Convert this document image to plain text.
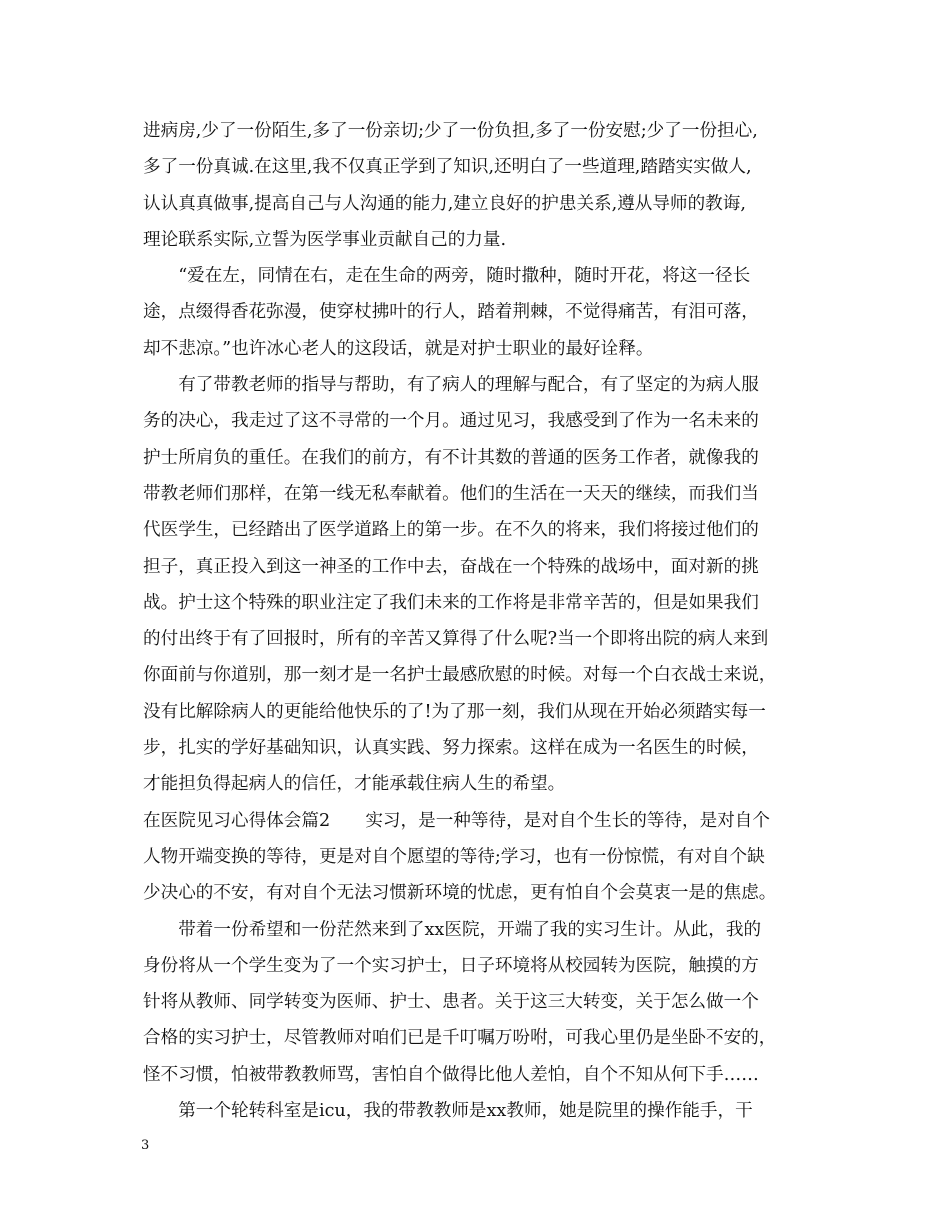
进病房,少了一份陌生,多了一份亲切;少了一份负担,多了一份安慰;少了一份担心,
多了一份真诚.在这里,我不仅真正学到了知识,还明白了一些道理,踏踏实实做人,
认认真真做事,提高自己与人沟通的能力,建立良好的护患关系,遵从导师的教诲,
理论联系实际,立誓为医学事业贡献自己的力量.
　　“爱在左，同情在右，走在生命的两旁，随时撒种，随时开花，将这一径长
途，点缀得香花弥漫，使穿杖拂叶的行人，踏着荆棘，不觉得痛苦，有泪可落，
却不悲凉。”也许冰心老人的这段话，就是对护士职业的最好诠释。
　　有了带教老师的指导与帮助，有了病人的理解与配合，有了坚定的为病人服
务的决心，我走过了这不寻常的一个月。通过见习，我感受到了作为一名未来的
护士所肩负的重任。在我们的前方，有不计其数的普通的医务工作者，就像我的
带教老师们那样，在第一线无私奉献着。他们的生活在一天天的继续，而我们当
代医学生，已经踏出了医学道路上的第一步。在不久的将来，我们将接过他们的
担子，真正投入到这一神圣的工作中去，奋战在一个特殊的战场中，面对新的挑
战。护士这个特殊的职业注定了我们未来的工作将是非常辛苦的，但是如果我们
的付出终于有了回报时，所有的辛苦又算得了什么呢?当一个即将出院的病人来到
你面前与你道别，那一刻才是一名护士最感欣慰的时候。对每一个白衣战士来说，
没有比解除病人的更能给他快乐的了!为了那一刻，我们从现在开始必须踏实每一
步，扎实的学好基础知识，认真实践、努力探索。这样在成为一名医生的时候，
才能担负得起病人的信任，才能承载住病人生的希望。
在医院见习心得体会篇2　　实习，是一种等待，是对自个生长的等待，是对自个
人物开端变换的等待，更是对自个愿望的等待;学习，也有一份惊慌，有对自个缺
少决心的不安，有对自个无法习惯新环境的忧虑，更有怕自个会莫衷一是的焦虑。
　　带着一份希望和一份茫然来到了xx医院，开端了我的实习生计。从此，我的
身份将从一个学生变为了一个实习护士，日子环境将从校园转为医院，触摸的方
针将从教师、同学转变为医师、护士、患者。关于这三大转变，关于怎么做一个
合格的实习护士，尽管教师对咱们已是千叮嘱万吩咐，可我心里仍是坐卧不安的，
怪不习惯，怕被带教教师骂，害怕自个做得比他人差怕，自个不知从何下手……
　　第一个轮转科室是icu，我的带教教师是xx教师，她是院里的操作能手，干
3
